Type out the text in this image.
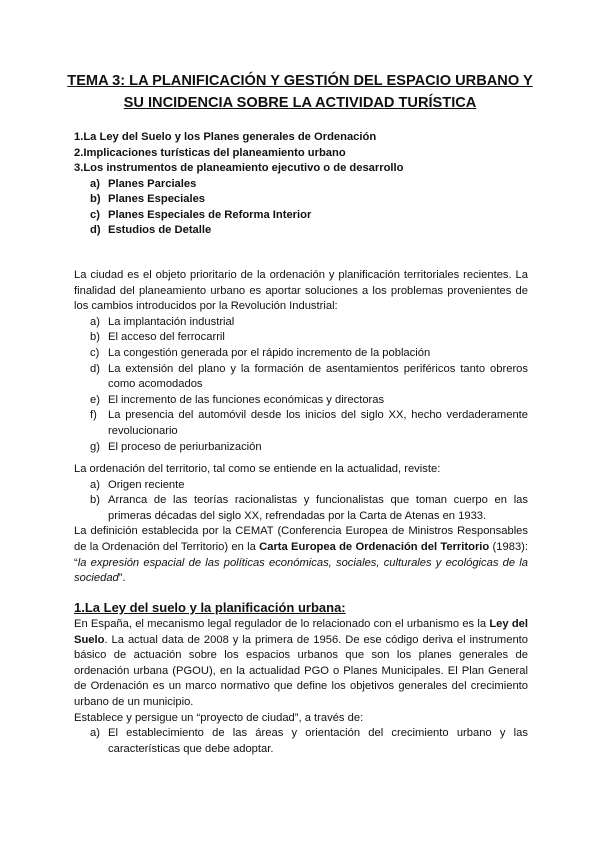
TEMA 3: LA PLANIFICACIÓN Y GESTIÓN DEL ESPACIO URBANO Y
SU INCIDENCIA SOBRE LA ACTIVIDAD TURÍSTICA
1.La Ley del Suelo y los Planes generales de Ordenación
2.Implicaciones turísticas del planeamiento urbano
3.Los instrumentos de planeamiento ejecutivo o de desarrollo
a) Planes Parciales
b) Planes Especiales
c) Planes Especiales de Reforma Interior
d) Estudios de Detalle
La ciudad es el objeto prioritario de la ordenación y planificación territoriales recientes. La finalidad del planeamiento urbano es aportar soluciones a los problemas provenientes de los cambios introducidos por la Revolución Industrial:
a) La implantación industrial
b) El acceso del ferrocarril
c) La congestión generada por el rápido incremento de la población
d) La extensión del plano y la formación de asentamientos periféricos tanto obreros como acomodados
e) El incremento de las funciones económicas y directoras
f) La presencia del automóvil desde los inicios del siglo XX, hecho verdaderamente revolucionario
g) El proceso de periurbanización
La ordenación del territorio, tal como se entiende en la actualidad, reviste:
a) Origen reciente
b) Arranca de las teorías racionalistas y funcionalistas que toman cuerpo en las primeras décadas del siglo XX, refrendadas por la Carta de Atenas en 1933.
La definición establecida por la CEMAT (Conferencia Europea de Ministros Responsables de la Ordenación del Territorio) en la Carta Europea de Ordenación del Territorio (1983): “la expresión espacial de las políticas económicas, sociales, culturales y ecológicas de la sociedad”.
1.La Ley del suelo y la planificación urbana:
En España, el mecanismo legal regulador de lo relacionado con el urbanismo es la Ley del Suelo. La actual data de 2008 y la primera de 1956. De ese código deriva el instrumento básico de actuación sobre los espacios urbanos que son los planes generales de ordenación urbana (PGOU), en la actualidad PGO o Planes Municipales. El Plan General de Ordenación es un marco normativo que define los objetivos generales del crecimiento urbano de un municipio.
Establece y persigue un “proyecto de ciudad”, a través de:
a) El establecimiento de las áreas y orientación del crecimiento urbano y las características que debe adoptar.
